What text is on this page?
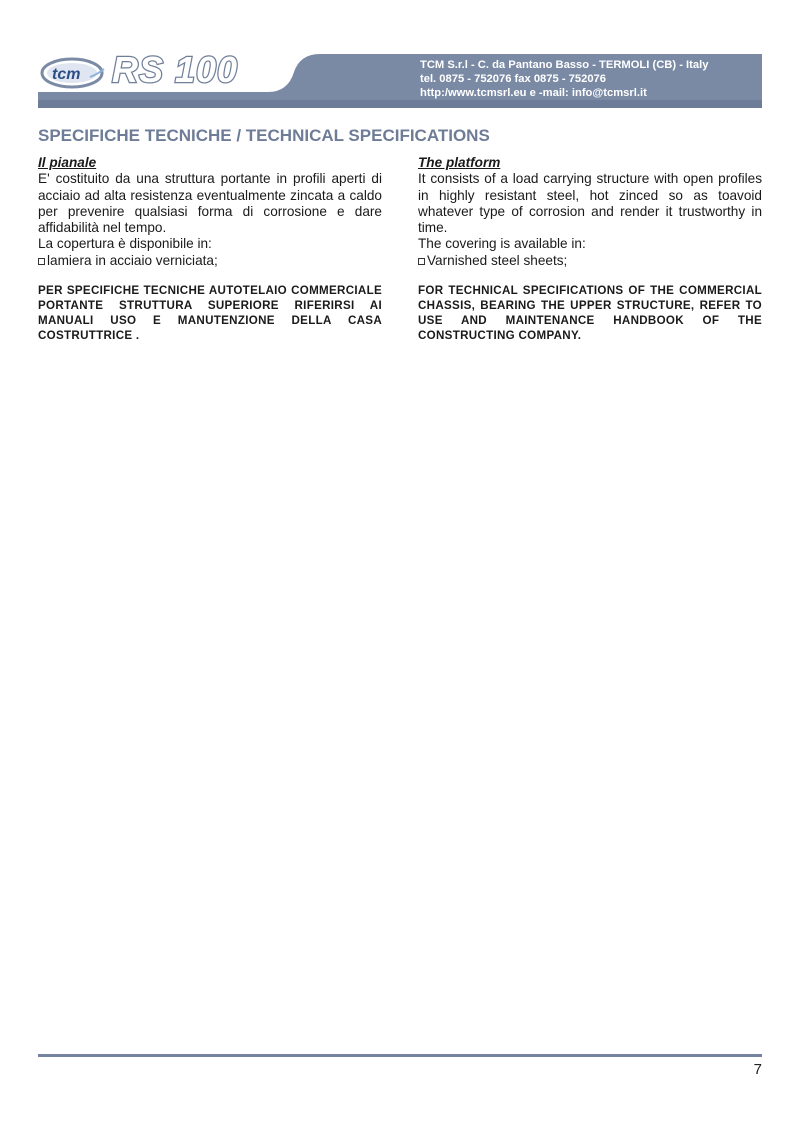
tcm RS 100	TCM S.r.l - C. da Pantano Basso - TERMOLI (CB) - Italy
tel. 0875 - 752076 fax 0875 - 752076
http:/www.tcmsrl.eu e -mail: info@tcmsrl.it
SPECIFICHE TECNICHE / TECHNICAL SPECIFICATIONS
Il pianale
E' costituito da una struttura portante in profili aperti di acciaio ad alta resistenza eventualmente zincata a caldo per prevenire qualsiasi forma di corrosione e dare affidabilità nel tempo.
La copertura è disponibile in:
lamiera in acciaio verniciata;
PER SPECIFICHE TECNICHE AUTOTELAIO COMMERCIALE PORTANTE STRUTTURA SUPERIORE RIFERIRSI AI MANUALI USO E MANUTENZIONE DELLA CASA COSTRUTTRICE .
The platform
It consists of a load carrying structure with open profiles in highly resistant steel, hot zinced so as toavoid whatever type of corrosion and render it trustworthy in time.
The covering is available in:
Varnished steel sheets;
FOR TECHNICAL SPECIFICATIONS OF THE COMMERCIAL CHASSIS, BEARING THE UPPER STRUCTURE, REFER TO USE AND MAINTENANCE HANDBOOK OF THE CONSTRUCTING COMPANY.
7
